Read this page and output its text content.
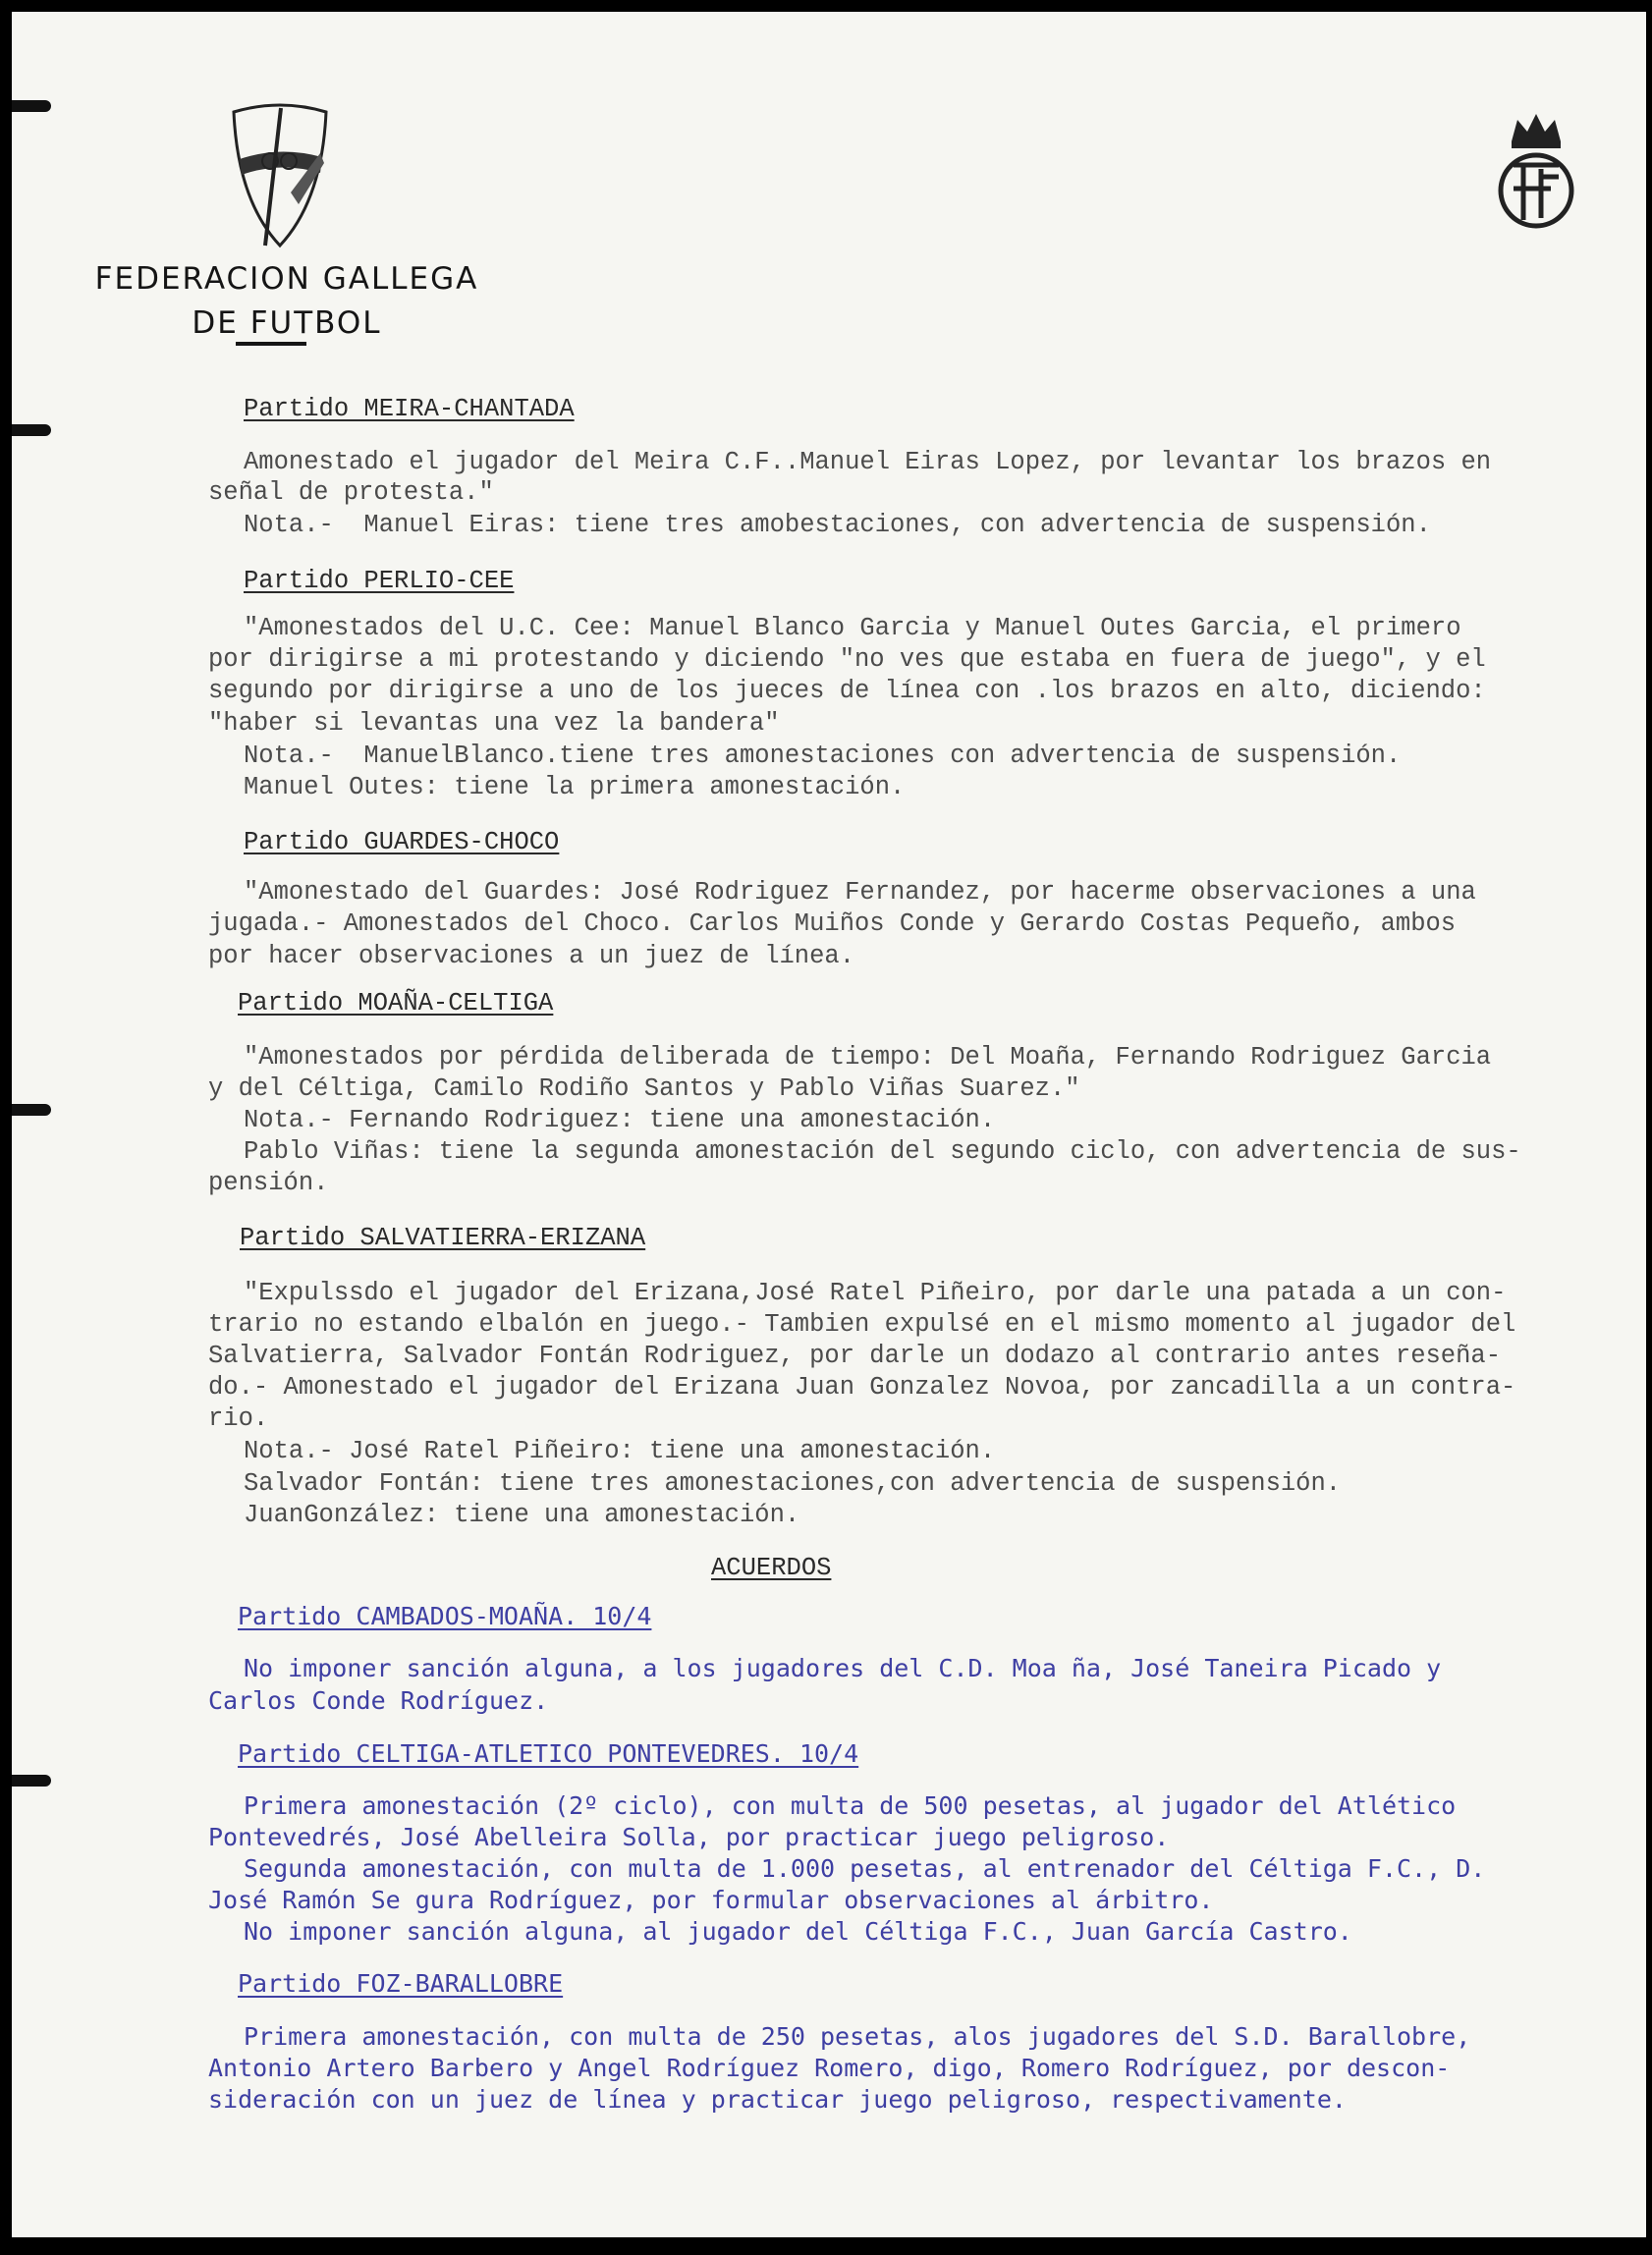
FEDERACION GALLEGA
DE FUTBOL
Partido MEIRA-CHANTADA
Amonestado el jugador del Meira C.F..Manuel Eiras Lopez, por levantar los brazos en
señal de protesta."
Nota.-  Manuel Eiras: tiene tres amobestaciones, con advertencia de suspensión.
Partido PERLIO-CEE
"Amonestados del U.C. Cee: Manuel Blanco Garcia y Manuel Outes Garcia, el primero
por dirigirse a mi protestando y diciendo "no ves que estaba en fuera de juego", y el
segundo por dirigirse a uno de los jueces de línea con .los brazos en alto, diciendo:
"haber si levantas una vez la bandera"
Nota.-  ManuelBlanco.tiene tres amonestaciones con advertencia de suspensión.
Manuel Outes: tiene la primera amonestación.
Partido GUARDES-CHOCO
"Amonestado del Guardes: José Rodriguez Fernandez, por hacerme observaciones a una
jugada.- Amonestados del Choco. Carlos Muiños Conde y Gerardo Costas Pequeño, ambos
por hacer observaciones a un juez de línea.
Partido MOAÑA-CELTIGA
"Amonestados por pérdida deliberada de tiempo: Del Moaña, Fernando Rodriguez Garcia
y del Céltiga, Camilo Rodiño Santos y Pablo Viñas Suarez."
Nota.- Fernando Rodriguez: tiene una amonestación.
Pablo Viñas: tiene la segunda amonestación del segundo ciclo, con advertencia de sus-
pensión.
Partido SALVATIERRA-ERIZANA
"Expulssdo el jugador del Erizana,José Ratel Piñeiro, por darle una patada a un con-
trario no estando elbalón en juego.- Tambien expulsé en el mismo momento al jugador del
Salvatierra, Salvador Fontán Rodriguez, por darle un dodazo al contrario antes reseña-
do.- Amonestado el jugador del Erizana Juan Gonzalez Novoa, por zancadilla a un contra-
rio.
Nota.- José Ratel Piñeiro: tiene una amonestación.
Salvador Fontán: tiene tres amonestaciones,con advertencia de suspensión.
JuanGonzález: tiene una amonestación.
ACUERDOS
Partido CAMBADOS-MOAÑA. 10/4
No imponer sanción alguna, a los jugadores del C.D. Moa ña, José Taneira Picado y
Carlos Conde Rodríguez.
Partido CELTIGA-ATLETICO PONTEVEDRES. 10/4
Primera amonestación (2º ciclo), con multa de 500 pesetas, al jugador del Atlético
Pontevedrés, José Abelleira Solla, por practicar juego peligroso.
Segunda amonestación, con multa de 1.000 pesetas, al entrenador del Céltiga F.C., D.
José Ramón Se gura Rodríguez, por formular observaciones al árbitro.
No imponer sanción alguna, al jugador del Céltiga F.C., Juan García Castro.
Partido FOZ-BARALLOBRE
Primera amonestación, con multa de 250 pesetas, alos jugadores del S.D. Barallobre,
Antonio Artero Barbero y Angel Rodríguez Romero, digo, Romero Rodríguez, por descon-
sideración con un juez de línea y practicar juego peligroso, respectivamente.
